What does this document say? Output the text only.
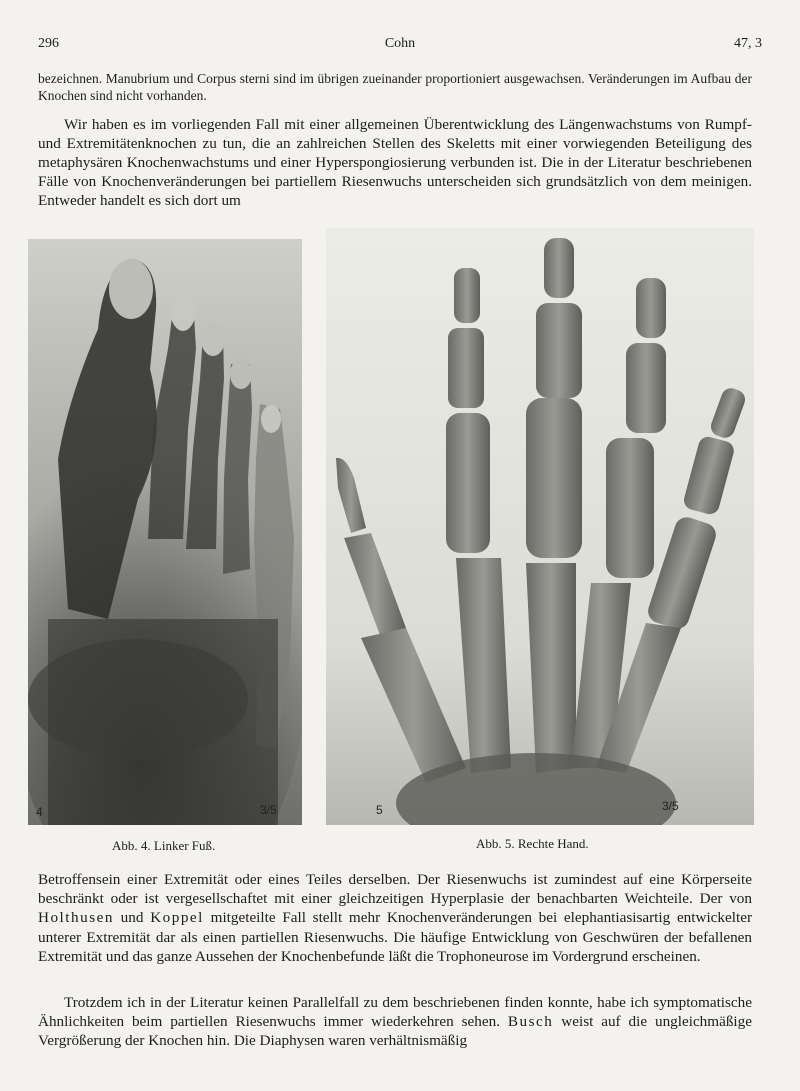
296	Cohn	47, 3
bezeichnen. Manubrium und Corpus sterni sind im übrigen zueinander proportioniert ausgewachsen. Veränderungen im Aufbau der Knochen sind nicht vorhanden.
Wir haben es im vorliegenden Fall mit einer allgemeinen Überentwicklung des Längenwachstums von Rumpf- und Extremitätenknochen zu tun, die an zahlreichen Stellen des Skeletts mit einer vorwiegenden Beteiligung des metaphysären Knochenwachstums und einer Hyperspongiosierung verbunden ist. Die in der Literatur beschriebenen Fälle von Knochenveränderungen bei partiellem Riesenwuchs unterscheiden sich grundsätzlich von dem meinigen. Entweder handelt es sich dort um
4	3/5	5	3/5
Abb. 4. Linker Fuß.	Abb. 5. Rechte Hand.
Betroffensein einer Extremität oder eines Teiles derselben. Der Riesenwuchs ist zumindest auf eine Körperseite beschränkt oder ist vergesellschaftet mit einer gleichzeitigen Hyperplasie der benachbarten Weichteile. Der von Holthusen und Koppel mitgeteilte Fall stellt mehr Knochenveränderungen bei elephantiasisartig entwickelter unterer Extremität dar als einen partiellen Riesenwuchs. Die häufige Entwicklung von Geschwüren der befallenen Extremität und das ganze Aussehen der Knochenbefunde läßt die Trophoneurose im Vordergrund erscheinen.
Trotzdem ich in der Literatur keinen Parallelfall zu dem beschriebenen finden konnte, habe ich symptomatische Ähnlichkeiten beim partiellen Riesenwuchs immer wiederkehren sehen. Busch weist auf die ungleichmäßige Vergrößerung der Knochen hin. Die Diaphysen waren verhältnismäßig
